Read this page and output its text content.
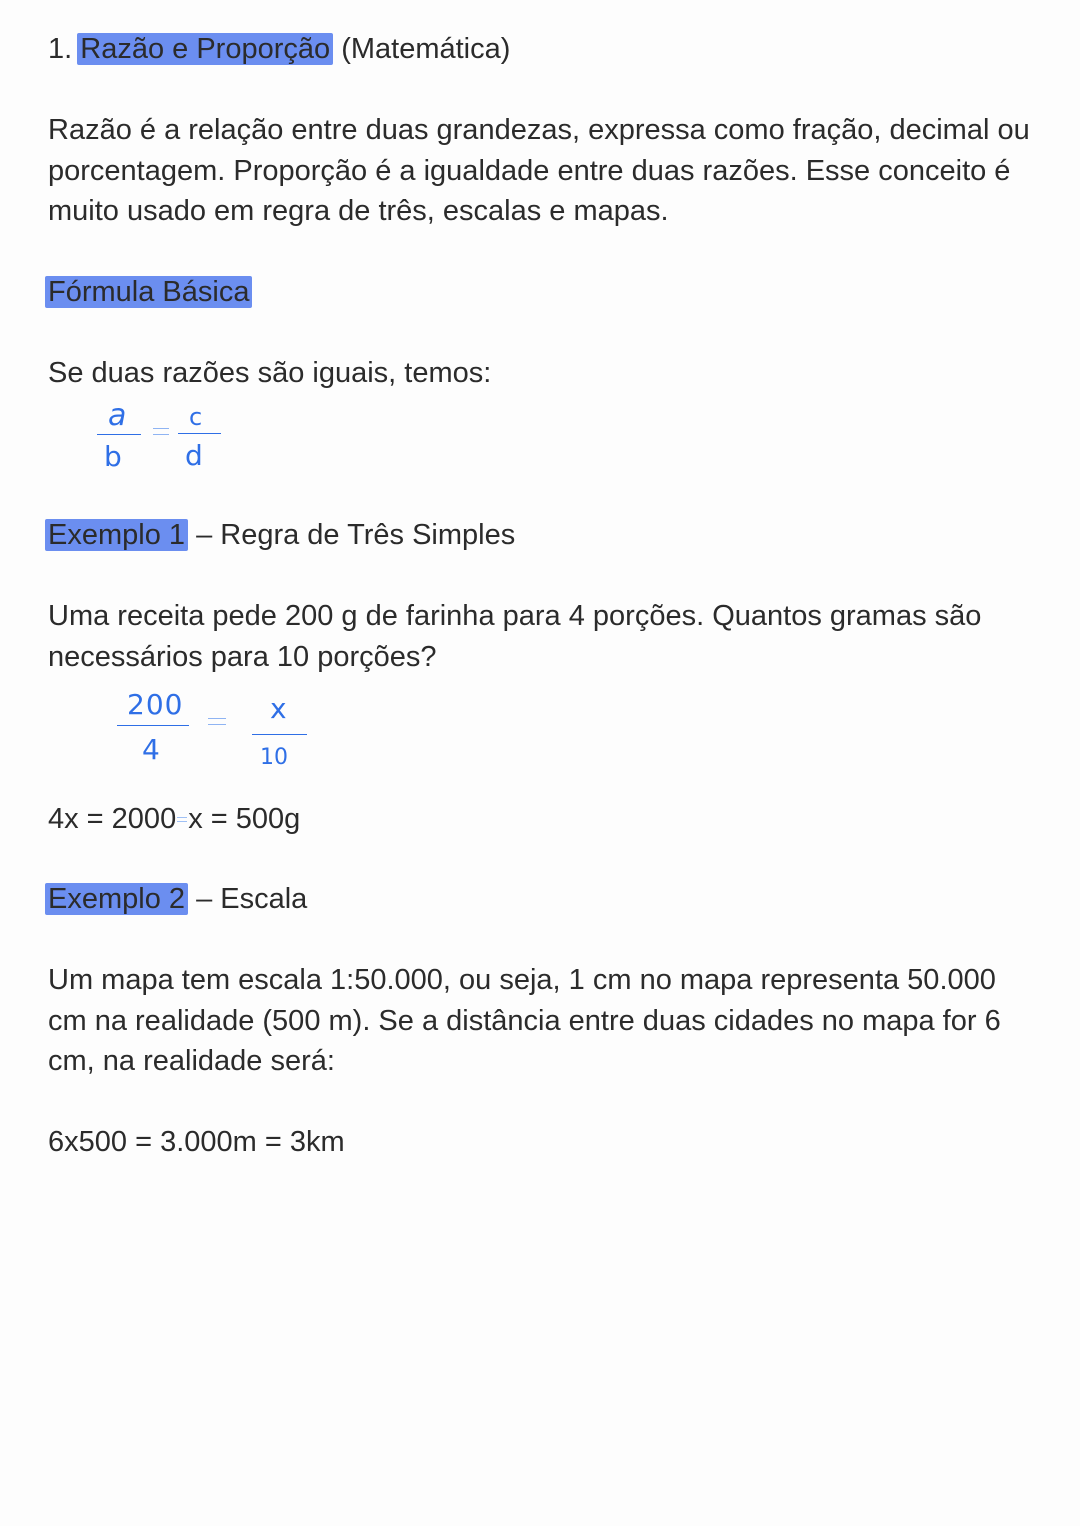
1. Razão e Proporção (Matemática)

Razão é a relação entre duas grandezas, expressa como fração, decimal ou porcentagem. Proporção é a igualdade entre duas razões. Esse conceito é muito usado em regra de três, escalas e mapas.

Fórmula Básica

Se duas razões são iguais, temos:

a
b
c
d

Exemplo 1 – Regra de Três Simples

Uma receita pede 200 g de farinha para 4 porções. Quantos gramas são necessários para 10 porções?

200
4
x
10

4x = 2000 x = 500g

Exemplo 2 – Escala

Um mapa tem escala 1:50.000, ou seja, 1 cm no mapa representa 50.000 cm na realidade (500 m). Se a distância entre duas cidades no mapa for 6 cm, na realidade será:

6x500 = 3.000m = 3km
